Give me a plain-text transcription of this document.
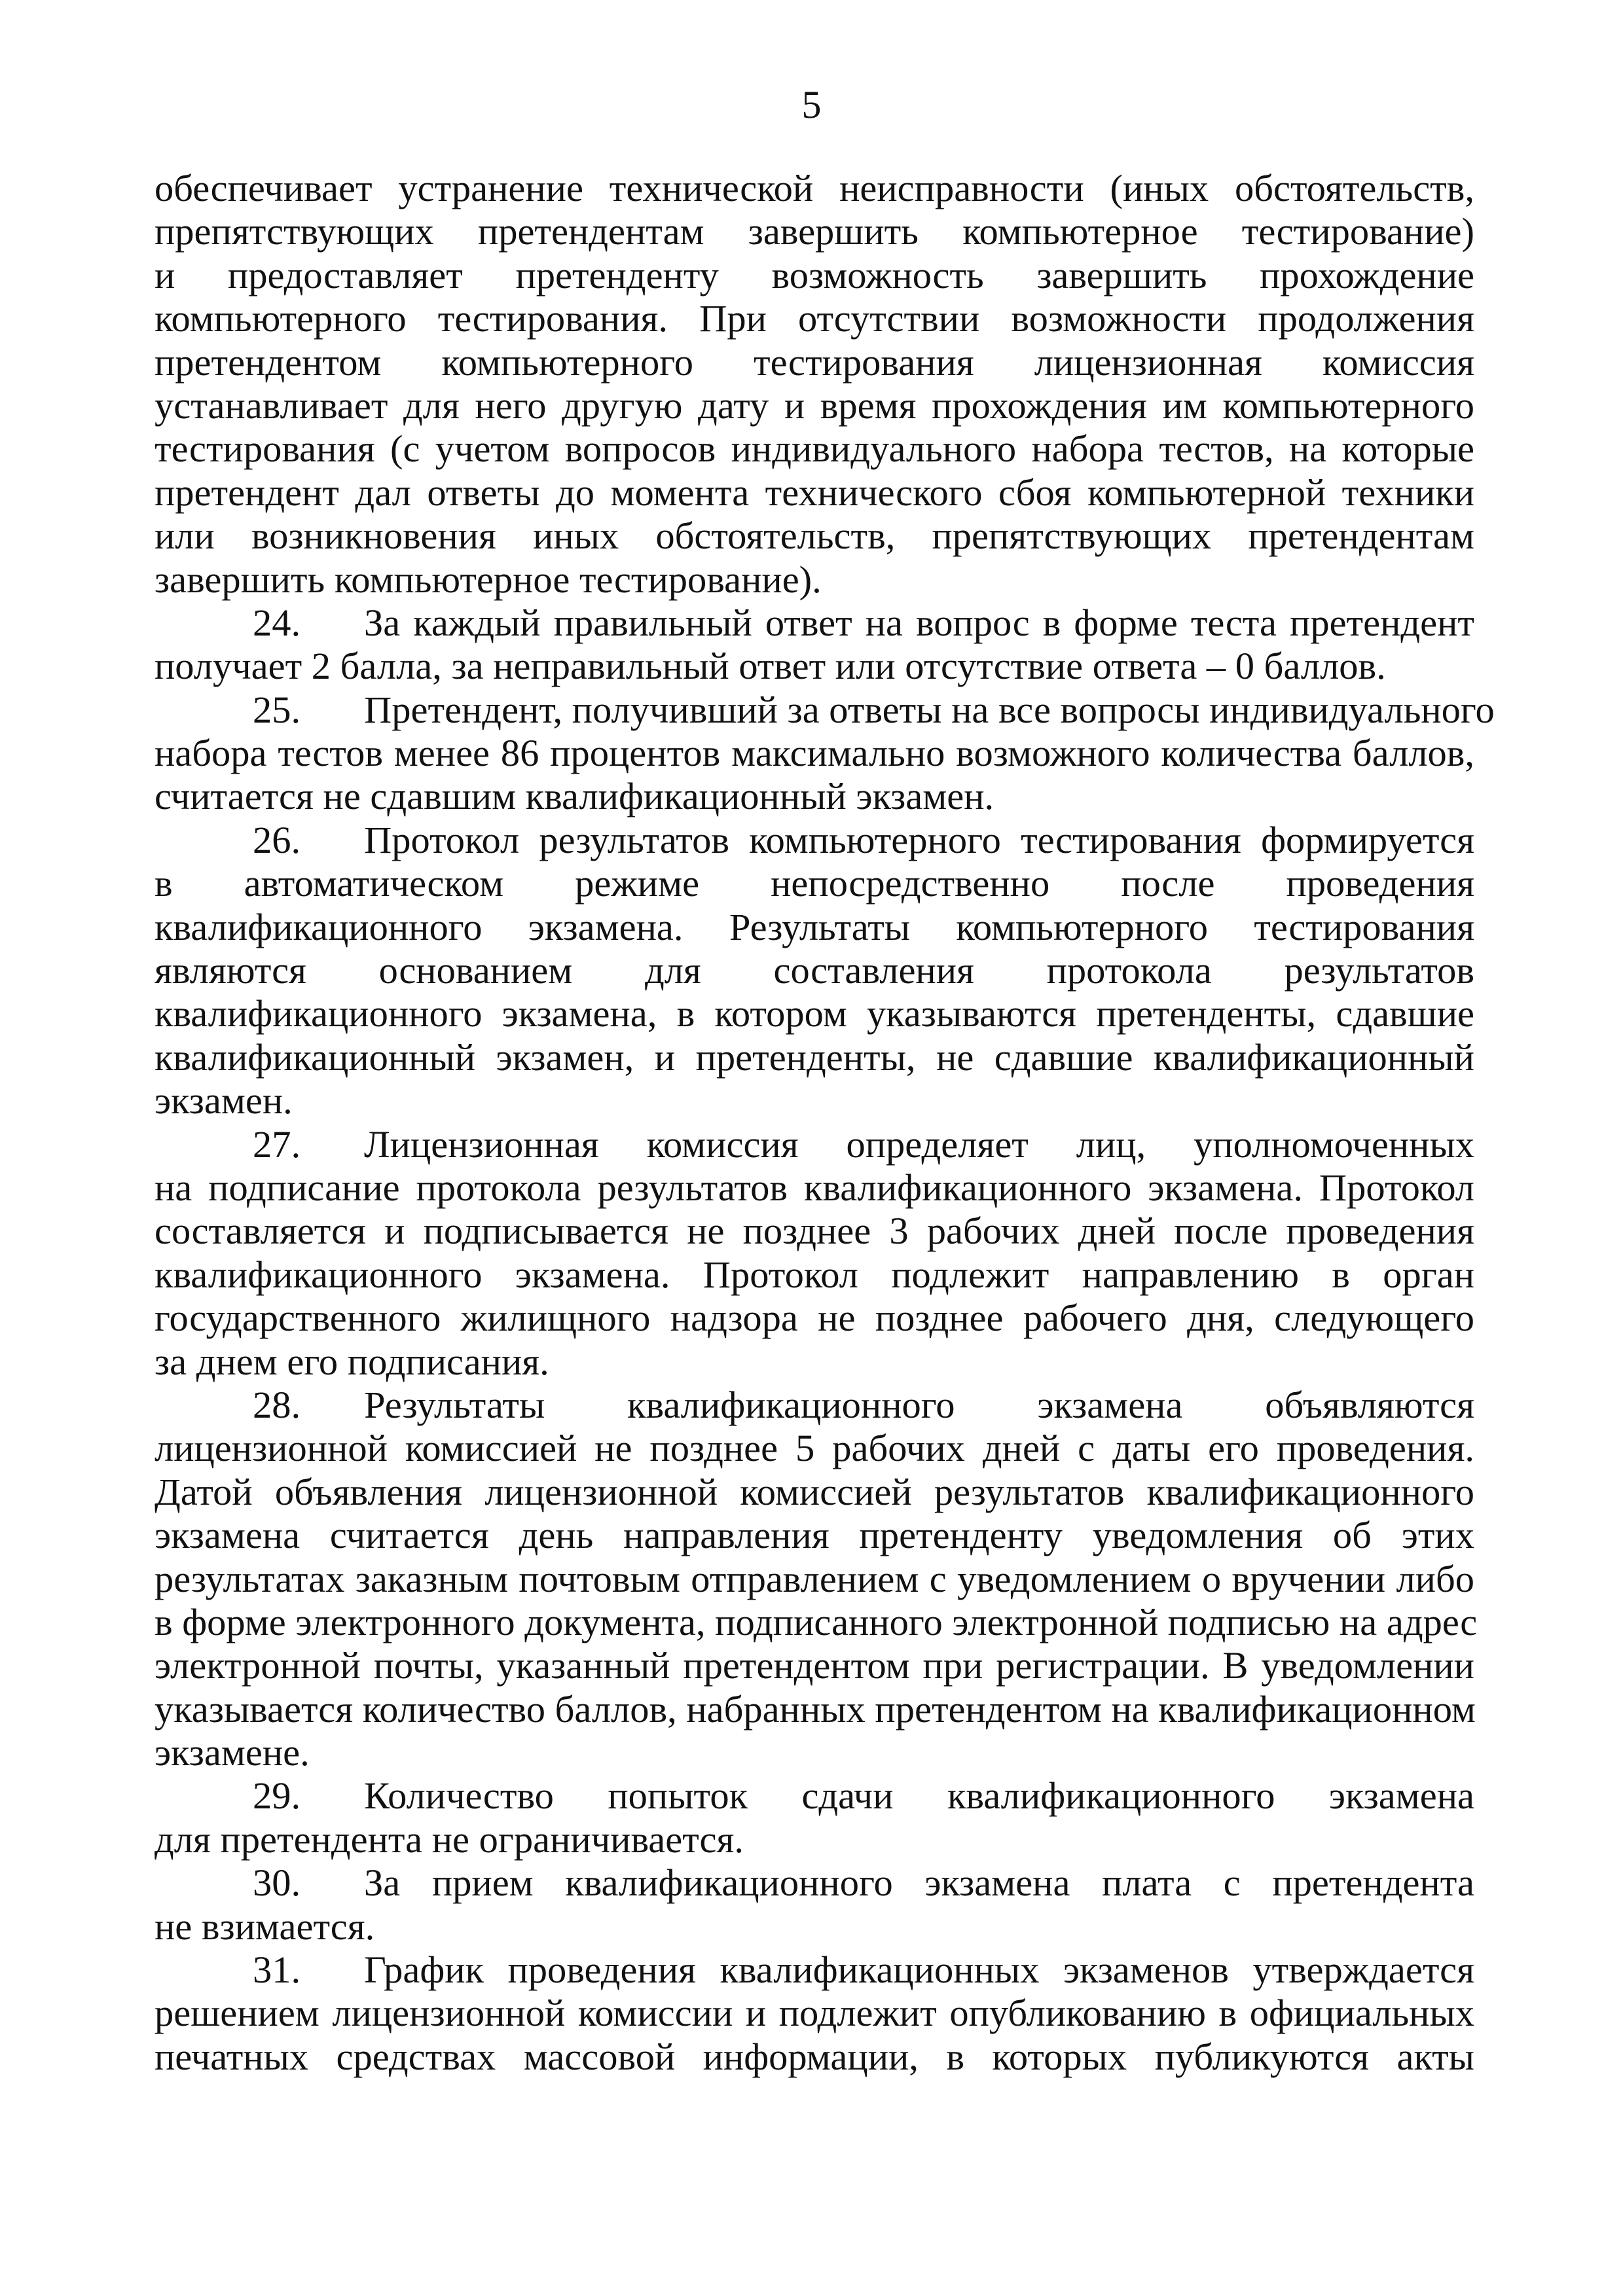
5
обеспечивает устранение технической неисправности (иных обстоятельств,
препятствующих претендентам завершить компьютерное тестирование)
и предоставляет претенденту возможность завершить прохождение
компьютерного тестирования. При отсутствии возможности продолжения
претендентом компьютерного тестирования лицензионная комиссия
устанавливает для него другую дату и время прохождения им компьютерного
тестирования (с учетом вопросов индивидуального набора тестов, на которые
претендент дал ответы до момента технического сбоя компьютерной техники
или возникновения иных обстоятельств, препятствующих претендентам
завершить компьютерное тестирование).
24. За каждый правильный ответ на вопрос в форме теста претендент
получает 2 балла, за неправильный ответ или отсутствие ответа – 0 баллов.
25. Претендент, получивший за ответы на все вопросы индивидуального
набора тестов менее 86 процентов максимально возможного количества баллов,
считается не сдавшим квалификационный экзамен.
26. Протокол результатов компьютерного тестирования формируется
в автоматическом режиме непосредственно после проведения
квалификационного экзамена. Результаты компьютерного тестирования
являются основанием для составления протокола результатов
квалификационного экзамена, в котором указываются претенденты, сдавшие
квалификационный экзамен, и претенденты, не сдавшие квалификационный
экзамен.
27. Лицензионная комиссия определяет лиц, уполномоченных
на подписание протокола результатов квалификационного экзамена. Протокол
составляется и подписывается не позднее 3 рабочих дней после проведения
квалификационного экзамена. Протокол подлежит направлению в орган
государственного жилищного надзора не позднее рабочего дня, следующего
за днем его подписания.
28. Результаты квалификационного экзамена объявляются
лицензионной комиссией не позднее 5 рабочих дней с даты его проведения.
Датой объявления лицензионной комиссией результатов квалификационного
экзамена считается день направления претенденту уведомления об этих
результатах заказным почтовым отправлением с уведомлением о вручении либо
в форме электронного документа, подписанного электронной подписью на адрес
электронной почты, указанный претендентом при регистрации. В уведомлении
указывается количество баллов, набранных претендентом на квалификационном
экзамене.
29. Количество попыток сдачи квалификационного экзамена
для претендента не ограничивается.
30. За прием квалификационного экзамена плата с претендента
не взимается.
31. График проведения квалификационных экзаменов утверждается
решением лицензионной комиссии и подлежит опубликованию в официальных
печатных средствах массовой информации, в которых публикуются акты
